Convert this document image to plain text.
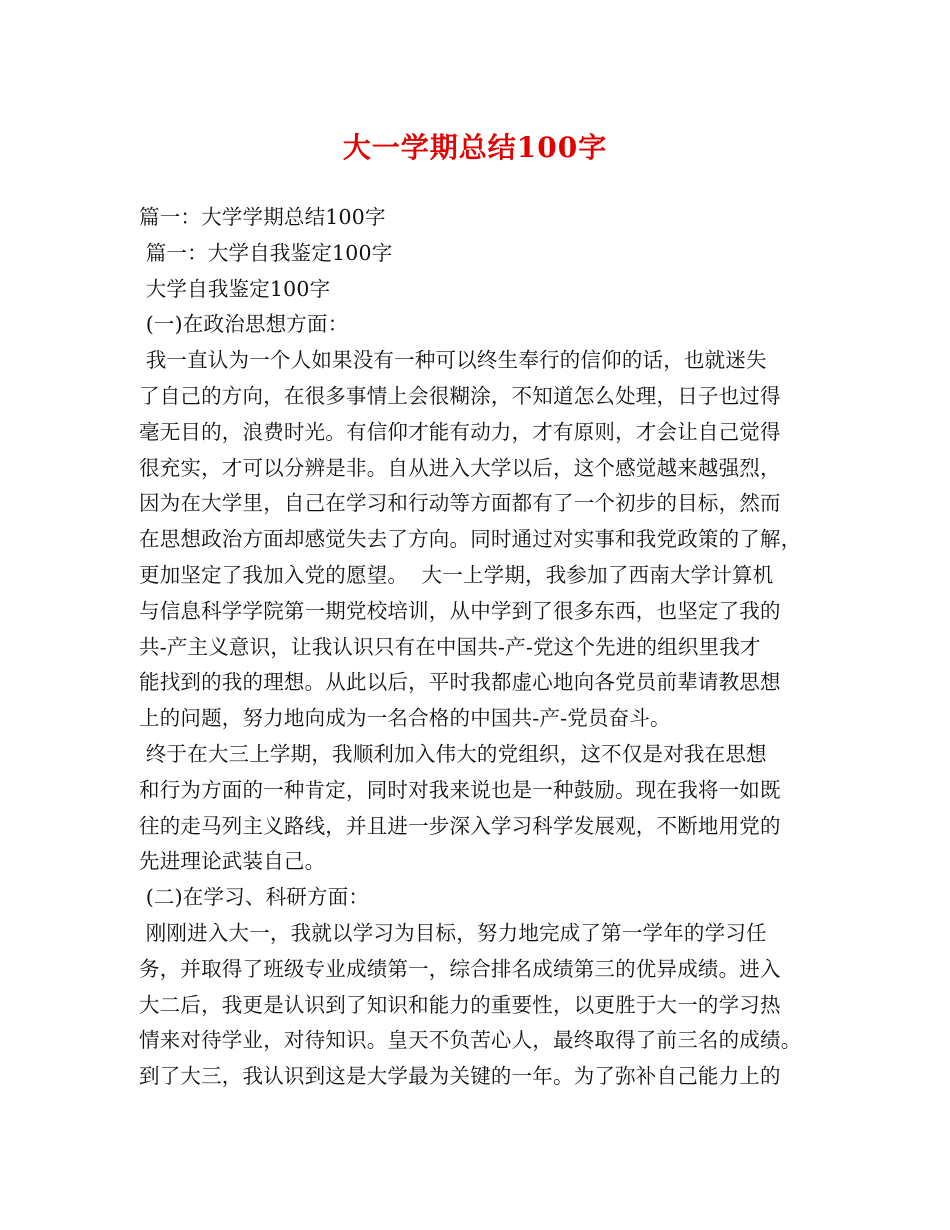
大一学期总结100字
篇一：大学学期总结100字
篇一：大学自我鉴定100字
大学自我鉴定100字
(一)在政治思想方面：
我一直认为一个人如果没有一种可以终生奉行的信仰的话，也就迷失
了自己的方向，在很多事情上会很糊涂，不知道怎么处理，日子也过得
毫无目的，浪费时光。有信仰才能有动力，才有原则，才会让自己觉得
很充实，才可以分辨是非。自从进入大学以后，这个感觉越来越强烈，
因为在大学里，自己在学习和行动等方面都有了一个初步的目标，然而
在思想政治方面却感觉失去了方向。同时通过对实事和我党政策的了解，
更加坚定了我加入党的愿望。  大一上学期，我参加了西南大学计算机
与信息科学学院第一期党校培训，从中学到了很多东西，也坚定了我的
共-产主义意识，让我认识只有在中国共-产-党这个先进的组织里我才
能找到的我的理想。从此以后，平时我都虚心地向各党员前辈请教思想
上的问题，努力地向成为一名合格的中国共-产-党员奋斗。
终于在大三上学期，我顺利加入伟大的党组织，这不仅是对我在思想
和行为方面的一种肯定，同时对我来说也是一种鼓励。现在我将一如既
往的走马列主义路线，并且进一步深入学习科学发展观，不断地用党的
先进理论武装自己。
(二)在学习、科研方面：
刚刚进入大一，我就以学习为目标，努力地完成了第一学年的学习任
务，并取得了班级专业成绩第一，综合排名成绩第三的优异成绩。进入
大二后，我更是认识到了知识和能力的重要性，以更胜于大一的学习热
情来对待学业，对待知识。皇天不负苦心人，最终取得了前三名的成绩。
到了大三，我认识到这是大学最为关键的一年。为了弥补自己能力上的
